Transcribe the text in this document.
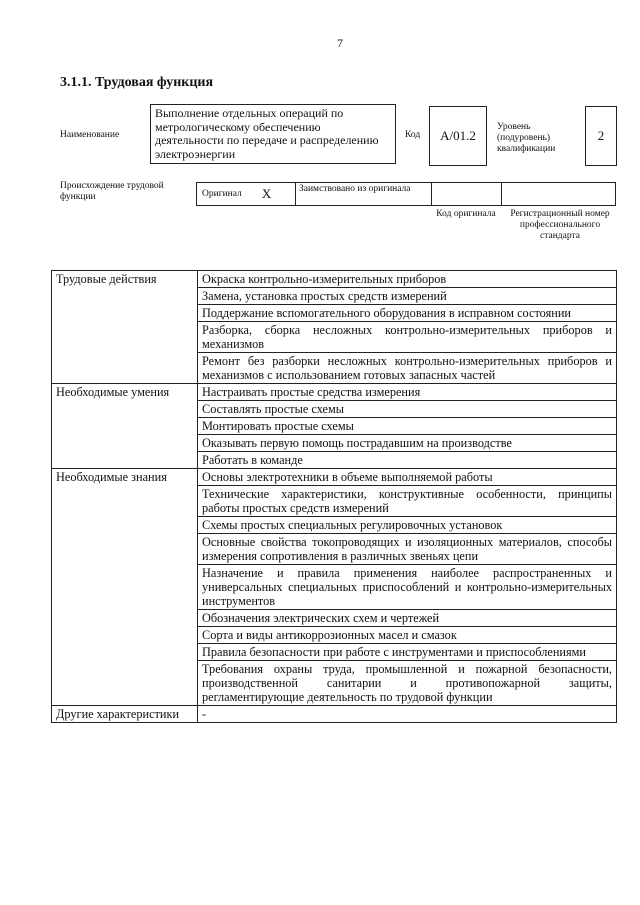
7
3.1.1. Трудовая функция
Наименование
Выполнение отдельных операций по метрологическому обеспечению деятельности по передаче и распределению электроэнергии
Код	А/01.2
Уровень (подуровень) квалификации
2
Происхождение трудовой функции	Оригинал X	Заимствовано из оригинала
Код оригинала Регистрационный номер профессионального стандарта
Трудовые действия	Окраска контрольно-измерительных приборов
	Замена, установка простых средств измерений
	Поддержание вспомогательного оборудования в исправном состоянии
	Разборка, сборка несложных контрольно-измерительных приборов и механизмов
	Ремонт без разборки несложных контрольно-измерительных приборов и механизмов с использованием готовых запасных частей
Необходимые умения	Настраивать простые средства измерения
	Составлять простые схемы
	Монтировать простые схемы
	Оказывать первую помощь пострадавшим на производстве
	Работать в команде
Необходимые знания	Основы электротехники в объеме выполняемой работы
	Технические характеристики, конструктивные особенности, принципы работы простых средств измерений
	Схемы простых специальных регулировочных установок
	Основные свойства токопроводящих и изоляционных материалов, способы измерения сопротивления в различных звеньях цепи
	Назначение и правила применения наиболее распространенных и универсальных специальных приспособлений и контрольно-измерительных инструментов
	Обозначения электрических схем и чертежей
	Сорта и виды антикоррозионных масел и смазок
	Правила безопасности при работе с инструментами и приспособлениями
	Требования охраны труда, промышленной и пожарной безопасности, производственной санитарии и противопожарной защиты, регламентирующие деятельность по трудовой функции
Другие характеристики	-
